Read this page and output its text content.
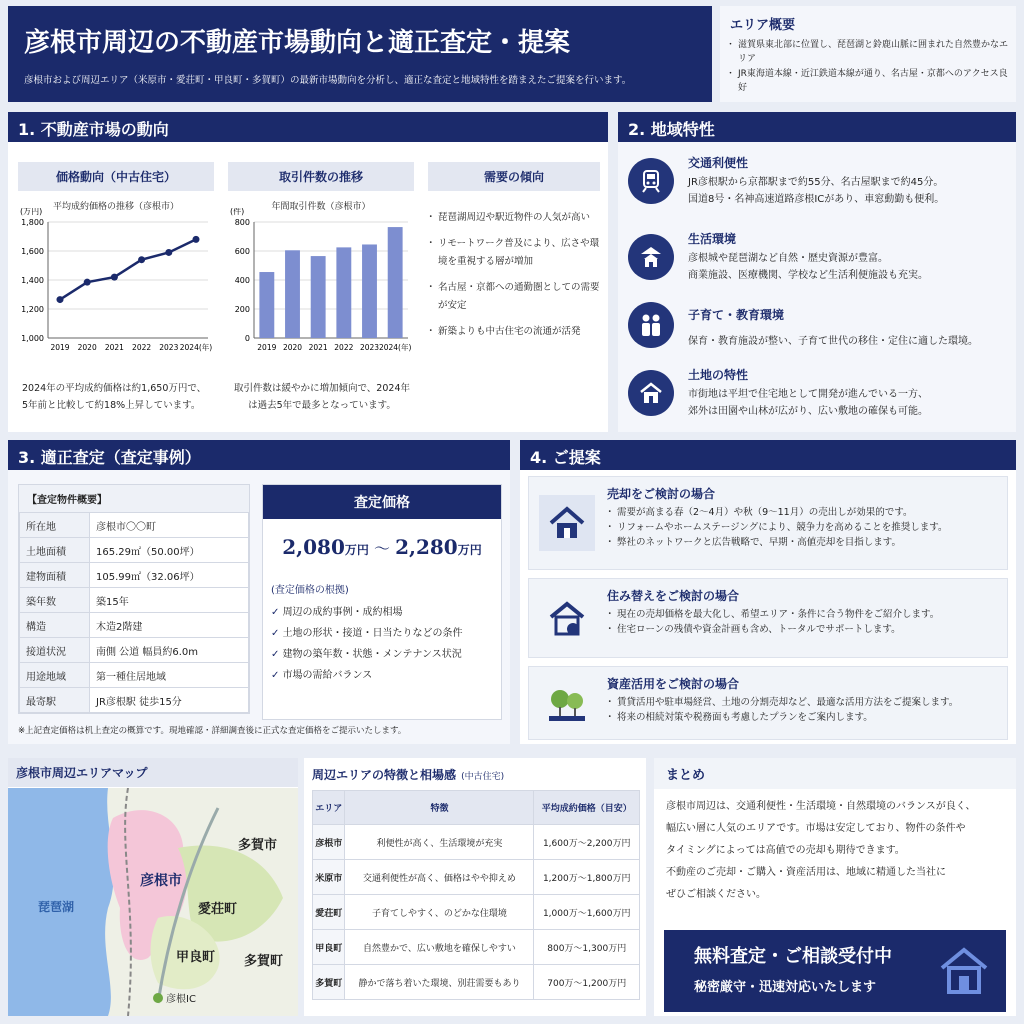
彦根市周辺の不動産市場動向と適正査定・提案
彦根市および周辺エリア（米原市・愛荘町・甲良町・多賀町）の最新市場動向を分析し、適正な査定と地域特性を踏まえたご提案を行います。
エリア概要
・ 滋賀県東北部に位置し、琵琶湖と鈴鹿山脈に囲まれた自然豊かなエリア
・ JR東海道本線・近江鉄道本線が通り、名古屋・京都へのアクセス良好
1. 不動産市場の動向
価格動向（中古住宅）
平均成約価格の推移（彦根市）
(万円)
1,000
1,200
1,400
1,600
1,800
2019 2020 2021 2022 2023 2024(年)
2024年の平均成約価格は約1,650万円で、5年前と比較して約18%上昇しています。
取引件数の推移
年間取引件数（彦根市）
(件)
0
200
400
600
800
2019 2020 2021 2022 2023 2024(年)
取引件数は緩やかに増加傾向で、2024年は過去5年で最多となっています。
需要の傾向
・ 琵琶湖周辺や駅近物件の人気が高い
・ リモートワーク普及により、広さや環境を重視する層が増加
・ 名古屋・京都への通勤圏としての需要が安定
・ 新築よりも中古住宅の流通が活発
2. 地域特性
交通利便性
JR彦根駅から京都駅まで約55分、名古屋駅まで約45分。
国道8号・名神高速道路彦根ICがあり、車窓動勤も便利。
生活環境
彦根城や琵琶湖など自然・歴史資源が豊富。
商業施設、医療機関、学校など生活利便施設も充実。
子育て・教育環境
保育・教育施設が整い、子育て世代の移住・定住に適した環境。
土地の特性
市街地は平坦で住宅地として開発が進んでいる一方、
郊外は田園や山林が広がり、広い敷地の確保も可能。
3. 適正査定（査定事例）
【査定物件概要】
所在地	彦根市〇〇町
土地面積	165.29㎡（50.00坪）
建物面積	105.99㎡（32.06坪）
築年数	築15年
構造	木造2階建
接道状況	南側 公道 幅員約6.0m
用途地域	第一種住居地域
最寄駅	JR彦根駅 徒歩15分
査定価格
2,080万円 ～ 2,280万円
(査定価格の根拠)
✓ 周辺の成約事例・成約相場
✓ 土地の形状・接道・日当たりなどの条件
✓ 建物の築年数・状態・メンテナンス状況
✓ 市場の需給バランス
※上記査定価格は机上査定の概算です。現地確認・詳細調査後に正式な査定価格をご提示いたします。
4. ご提案
売却をご検討の場合
・ 需要が高まる春（2～4月）や秋（9～11月）の売出しが効果的です。
・ リフォームやホームステージングにより、競争力を高めることを推奨します。
・ 弊社のネットワークと広告戦略で、早期・高値売却を目指します。
住み替えをご検討の場合
・ 現在の売却価格を最大化し、希望エリア・条件に合う物件をご紹介します。
・ 住宅ローンの残債や資金計画も含め、トータルでサポートします。
資産活用をご検討の場合
・ 賃貸活用や駐車場経営、土地の分割売却など、最適な活用方法をご提案します。
・ 将来の相続対策や税務面も考慮したプランをご案内します。
彦根市周辺エリアマップ
彦根市
多賀市
愛荘町
甲良町 多賀町
琵琶湖
彦根IC
周辺エリアの特徴と相場感 (中古住宅)
エリア	特徴	平均成約価格（目安）
彦根市	利便性が高く、生活環境が充実	1,600万～2,200万円
米原市	交通利便性が高く、価格はやや抑えめ	1,200万～1,800万円
愛荘町	子育てしやすく、のどかな住環境	1,000万～1,600万円
甲良町	自然豊かで、広い敷地を確保しやすい	800万～1,300万円
多賀町	静かで落ち着いた環境、別荘需要もあり	700万～1,200万円
まとめ
彦根市周辺は、交通利便性・生活環境・自然環境のバランスが良く、
幅広い層に人気のエリアです。市場は安定しており、物件の条件や
タイミングによっては高値での売却も期待できます。
不動産のご売却・ご購入・資産活用は、地域に精通した当社に
ぜひご相談ください。
無料査定・ご相談受付中
秘密厳守・迅速対応いたします
